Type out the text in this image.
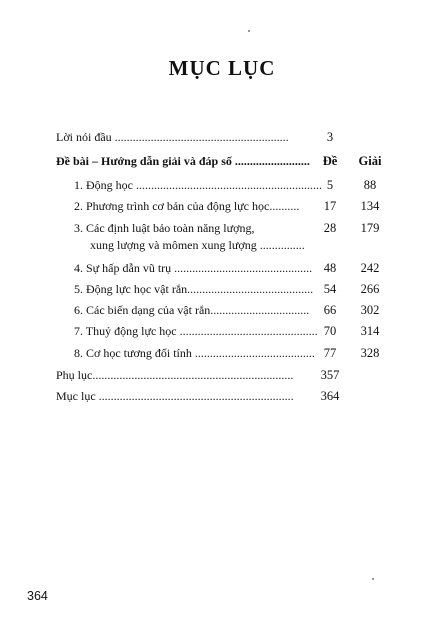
MỤC LỤC
Lời nói đầu ..........................................................	3
Đề bài – Hướng dẫn giải và đáp số .........................	Đề	Giải
1. Động học .............................................................. 5	88
2. Phương trình cơ bản của động lực học..........	17	134
3. Các định luật bảo toàn năng lượng,
xung lượng và mômen xung lượng ...............
28	179
4. Sự hấp dẫn vũ trụ .............................................. 48	242
5. Động lực học vật rắn.......................................... 54	266
6. Các biến dạng của vật rắn.................................	66	302
7. Thuỷ động lực học .............................................. 70	314
8. Cơ học tương đối tính ........................................ 77	328
Phụ lục...................................................................	357
Mục lục .................................................................	364
364
